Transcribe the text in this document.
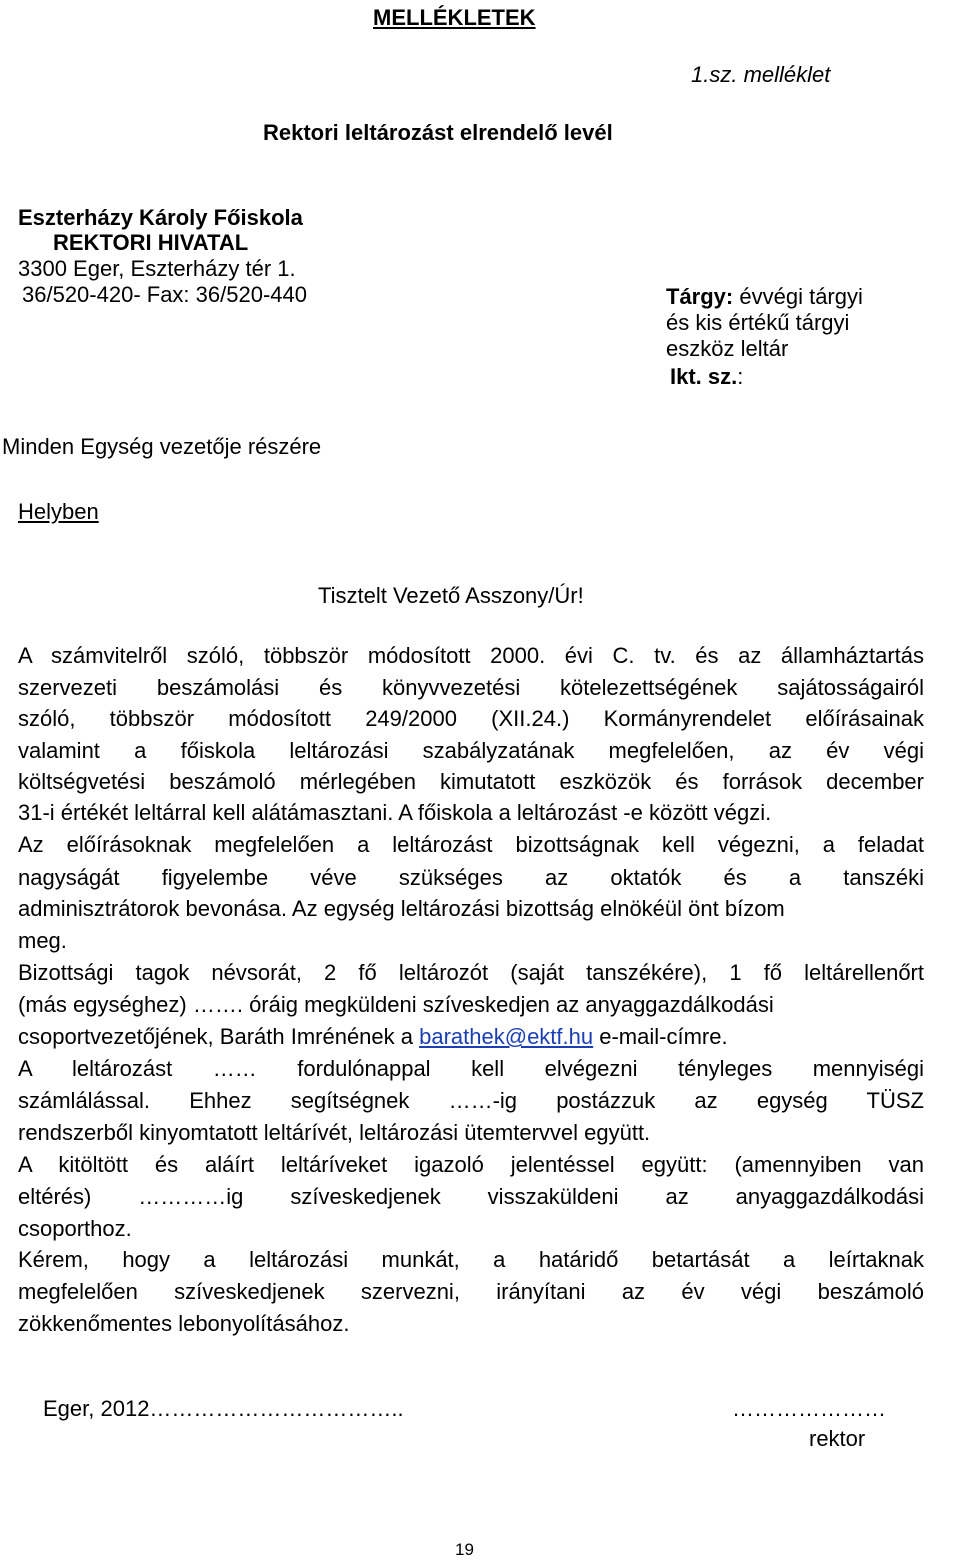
MELLÉKLETEK
1.sz. melléklet
Rektori leltározást elrendelő levél
Eszterházy Károly Főiskola
REKTORI HIVATAL
3300 Eger, Eszterházy tér 1.
36/520-420- Fax: 36/520-440	Tárgy: évvégi tárgyi
és kis értékű tárgyi
eszköz leltár
Ikt. sz.:
Minden Egység vezetője részére
Helyben
Tisztelt Vezető Asszony/Úr!
A számvitelről szóló, többször módosított 2000. évi C. tv. és az államháztartás
szervezeti beszámolási és könyvvezetési kötelezettségének sajátosságairól
szóló, többször módosított 249/2000 (XII.24.) Kormányrendelet előírásainak
valamint a főiskola leltározási szabályzatának megfelelően, az év végi
költségvetési beszámoló mérlegében kimutatott eszközök és források december
31-i értékét leltárral kell alátámasztani. A főiskola a leltározást -e között végzi.
Az előírásoknak megfelelően a leltározást bizottságnak kell végezni, a feladat
nagyságát figyelembe véve szükséges az oktatók és a tanszéki
adminisztrátorok bevonása. Az egység leltározási bizottság elnökéül önt bízom
meg.
Bizottsági tagok névsorát, 2 fő leltározót (saját tanszékére), 1 fő leltárellenőrt
(más egységhez) ……. óráig megküldeni szíveskedjen az anyaggazdálkodási
csoportvezetőjének, Baráth Imrénének a barathek@ektf.hu e-mail-címre.
A leltározást …… fordulónappal kell elvégezni tényleges mennyiségi
számlálással. Ehhez segítségnek ……-ig postázzuk az egység TÜSZ
rendszerből kinyomtatott leltárívét, leltározási ütemtervvel együtt.
A kitöltött és aláírt leltáríveket igazoló jelentéssel együtt: (amennyiben van
eltérés) …………ig szíveskedjenek visszaküldeni az anyaggazdálkodási
csoporthoz.
Kérem, hogy a leltározási munkát, a határidő betartását a leírtaknak
megfelelően szíveskedjenek szervezni, irányítani az év végi beszámoló
zökkenőmentes lebonyolításához.
Eger, 2012……………………………..	…………………
rektor
19
